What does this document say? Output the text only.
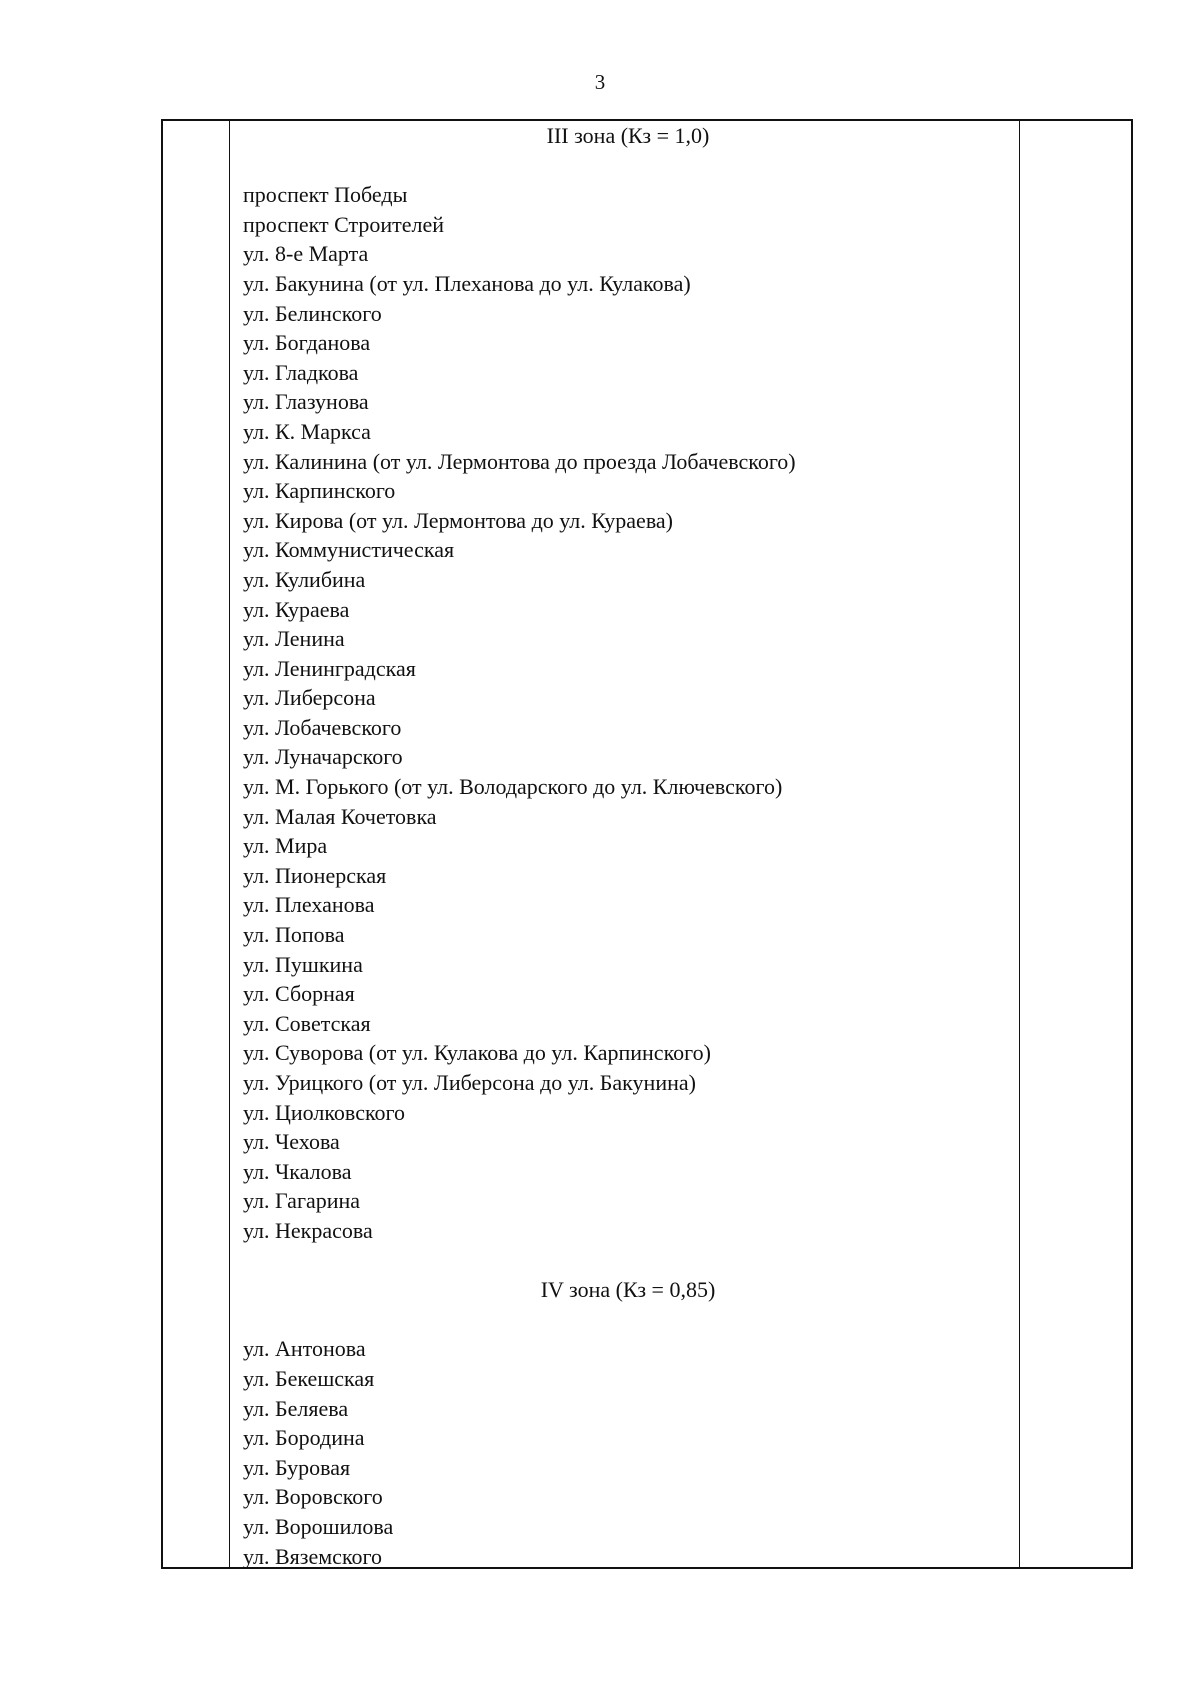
3
III зона (Кз = 1,0)
проспект Победы
проспект Строителей
ул. 8-е Марта
ул. Бакунина (от ул. Плеханова до ул. Кулакова)
ул. Белинского
ул. Богданова
ул. Гладкова
ул. Глазунова
ул. К. Маркса
ул. Калинина (от ул. Лермонтова до проезда Лобачевского)
ул. Карпинского
ул. Кирова (от ул. Лермонтова до ул. Кураева)
ул. Коммунистическая
ул. Кулибина
ул. Кураева
ул. Ленина
ул. Ленинградская
ул. Либерсона
ул. Лобачевского
ул. Луначарского
ул. М. Горького (от ул. Володарского до ул. Ключевского)
ул. Малая Кочетовка
ул. Мира
ул. Пионерская
ул. Плеханова
ул. Попова
ул. Пушкина
ул. Сборная
ул. Советская
ул. Суворова (от ул. Кулакова до ул. Карпинского)
ул. Урицкого (от ул. Либерсона до ул. Бакунина)
ул. Циолковского
ул. Чехова
ул. Чкалова
ул. Гагарина
ул. Некрасова
IV зона (Кз = 0,85)
ул. Антонова
ул. Бекешская
ул. Беляева
ул. Бородина
ул. Буровая
ул. Воровского
ул. Ворошилова
ул. Вяземского
